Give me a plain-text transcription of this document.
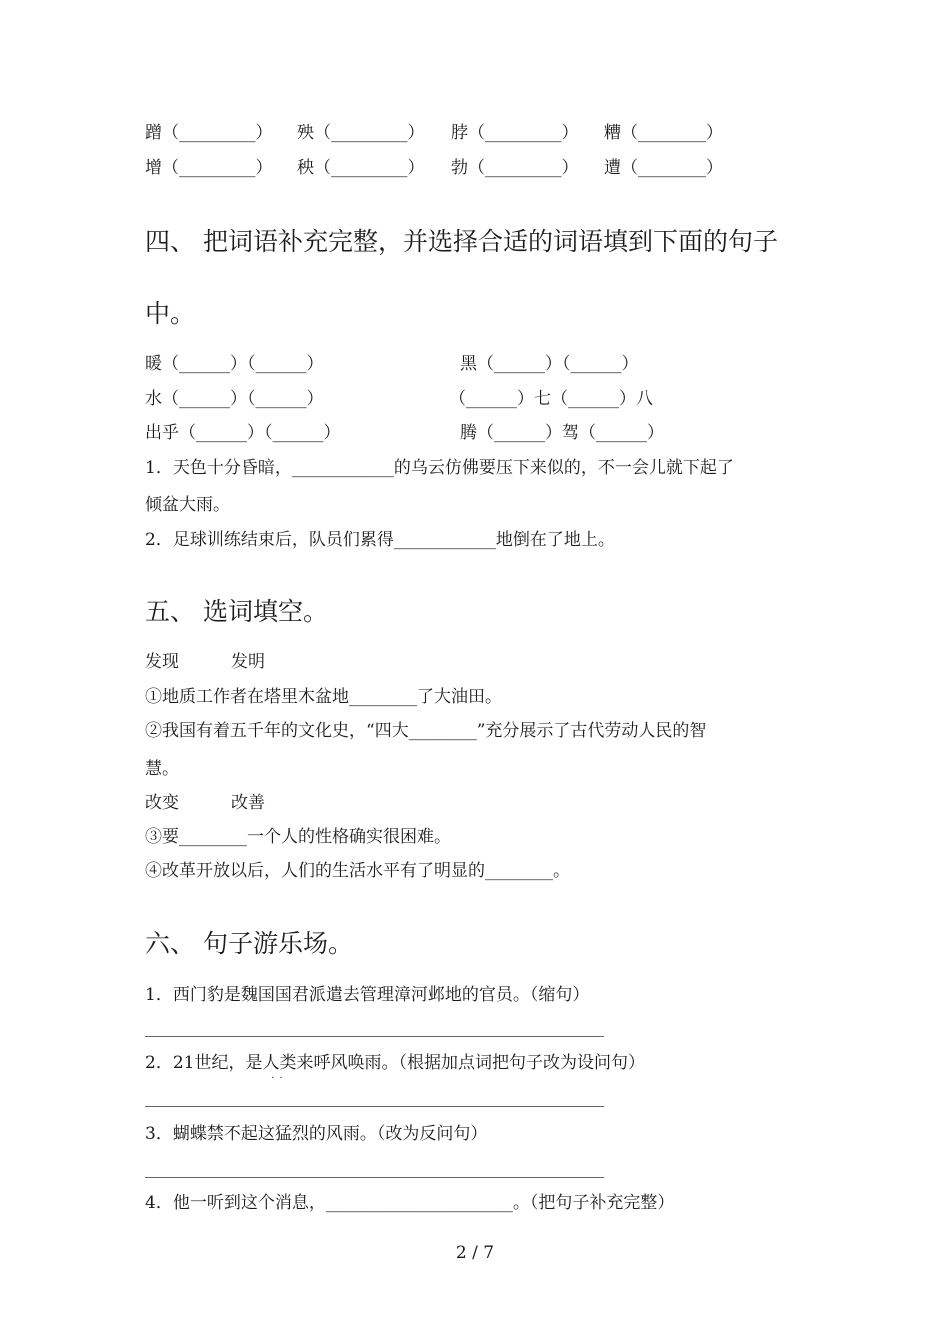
蹭（_________） 殃（_________） 脖（_________） 糟（________）
增（_________） 秧（_________） 勃（_________） 遭（________）
四、 把词语补充完整，并选择合适的词语填到下面的句子
中。
暖（______）（______）	黑（______）（______）
水（______）（______）	（______）七（______）八
出乎（______）（______）	腾（______）驾（______）
1．天色十分昏暗，____________的乌云仿佛要压下来似的，不一会儿就下起了
倾盆大雨。
2．足球训练结束后，队员们累得____________地倒在了地上。
五、 选词填空。
发现	发明
①地质工作者在塔里木盆地________了大油田。
②我国有着五千年的文化史，“四大________”充分展示了古代劳动人民的智
慧。
改变	改善
③要________一个人的性格确实很困难。
④改革开放以后，人们的生活水平有了明显的________。
六、 句子游乐场。
1．西门豹是魏国国君派遣去管理漳河邺地的官员。（缩句）
2．21世纪，是人类
··
来呼风唤雨。（根据加点词把句子改为设问句）
3．蝴蝶禁不起这猛烈的风雨。（改为反问句）
4．他一听到这个消息，______________________。（把句子补充完整）
2 / 7
